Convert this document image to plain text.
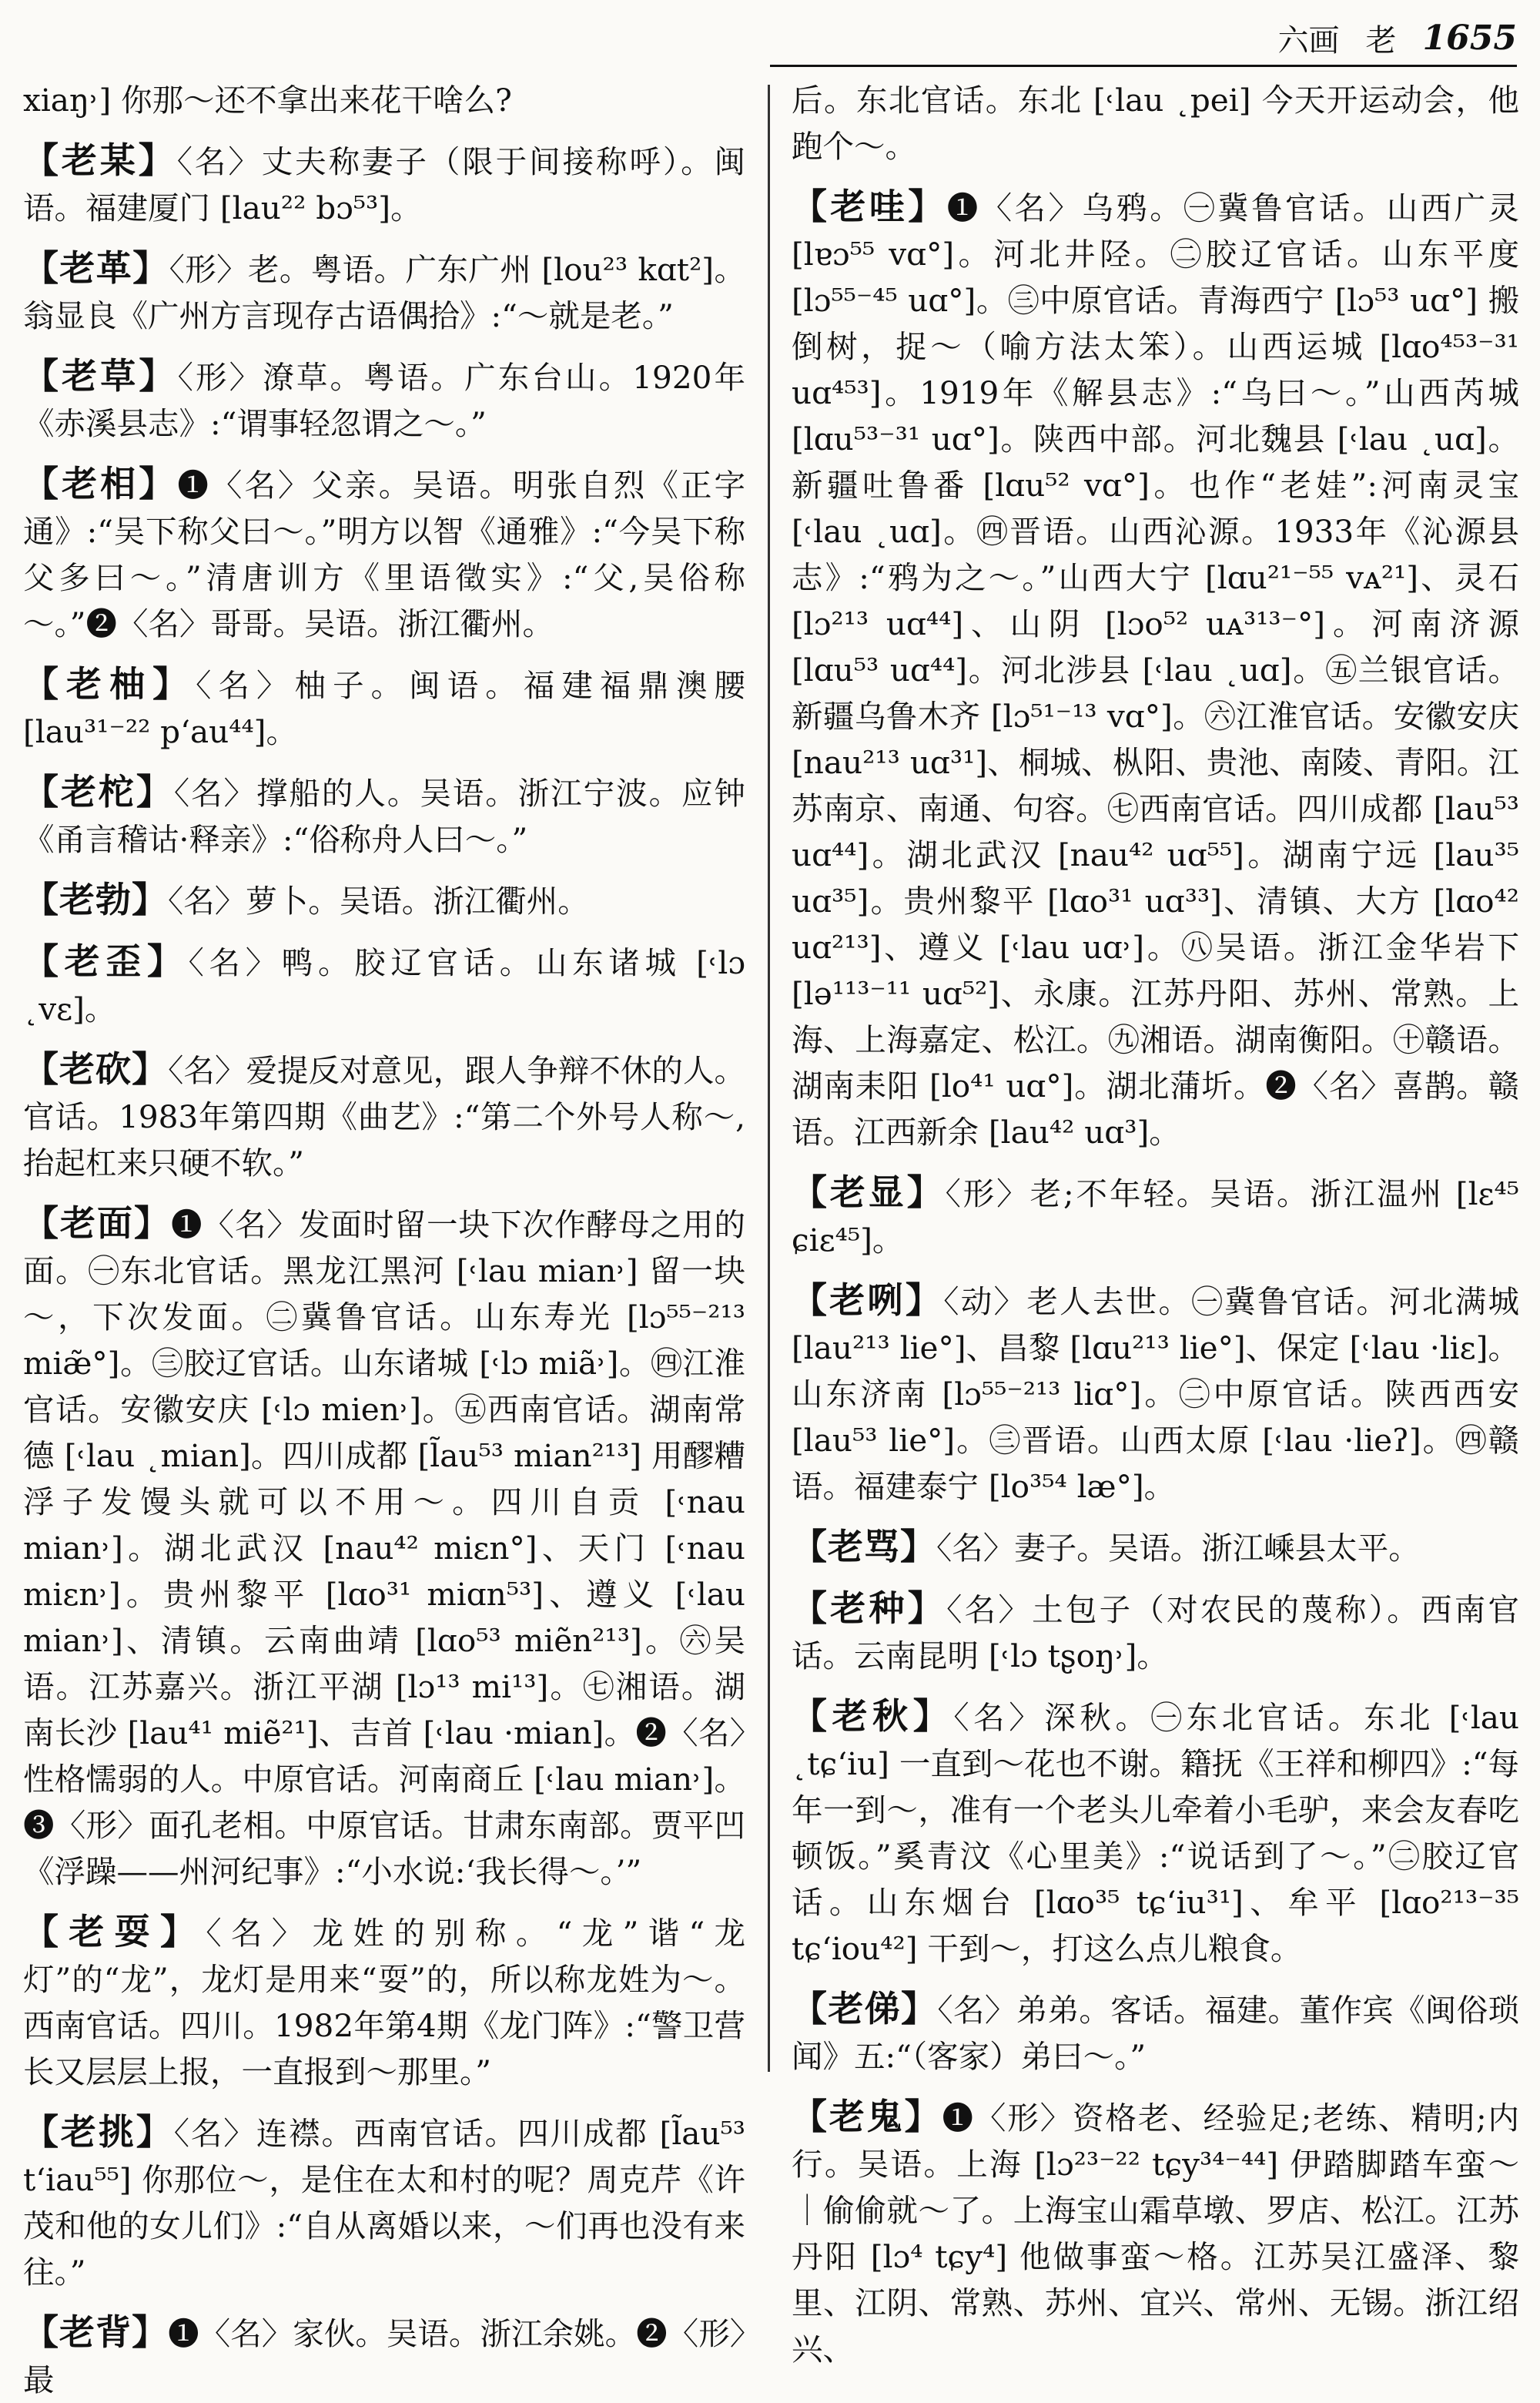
六画 老 1655

xiaŋ˒] 你那～还不拿出来花干啥么?

【老某】〈名〉丈夫称妻子（限于间接称呼）。闽语。福建厦门 [lau²² bɔ⁵³]。

【老革】〈形〉老。粤语。广东广州 [lou²³ kɑt²]。翁显良《广州方言现存古语偶拾》:“～就是老。”

【老草】〈形〉潦草。粤语。广东台山。1920年《赤溪县志》:“谓事轻忽谓之～。”

【老相】❶〈名〉父亲。吴语。明张自烈《正字通》:“吴下称父曰～。”明方以智《通雅》:“今吴下称父多曰～。”清唐训方《里语徵实》:“父,吴俗称～。”❷〈名〉哥哥。吴语。浙江衢州。

【老柚】〈名〉柚子。闽语。福建福鼎澳腰 [lau³¹⁻²² pʻau⁴⁴]。

【老柁】〈名〉撑船的人。吴语。浙江宁波。应钟《甬言稽诂·释亲》:“俗称舟人曰～。”

【老勃】〈名〉萝卜。吴语。浙江衢州。

【老歪】〈名〉鸭。胶辽官话。山东诸城 [˓lɔ ˛vɛ]。

【老砍】〈名〉爱提反对意见，跟人争辩不休的人。官话。1983年第四期《曲艺》:“第二个外号人称～,抬起杠来只硬不软。”

【老面】❶〈名〉发面时留一块下次作酵母之用的面。㊀东北官话。黑龙江黑河 [˓lau mian˒] 留一块～，下次发面。㊁冀鲁官话。山东寿光 [lɔ⁵⁵⁻²¹³ miæ̃°]。㊂胶辽官话。山东诸城 [˓lɔ miã˒]。㊃江淮官话。安徽安庆 [˓lɔ mien˒]。㊄西南官话。湖南常德 [˓lau ˛mian]。四川成都 [l̃au⁵³ mian²¹³] 用醪糟浮子发馒头就可以不用～。四川自贡 [˓nau mian˒]。湖北武汉 [nau⁴² miɛn°]、天门 [˓nau miɛn˒]。贵州黎平 [lɑo³¹ miɑn⁵³]、遵义 [˓lau mian˒]、清镇。云南曲靖 [lɑo⁵³ miẽn²¹³]。㊅吴语。江苏嘉兴。浙江平湖 [lɔ¹³ mi¹³]。㊆湘语。湖南长沙 [lau⁴¹ miẽ²¹]、吉首 [˓lau ·mian]。❷〈名〉性格懦弱的人。中原官话。河南商丘 [˓lau mian˒]。❸〈形〉面孔老相。中原官话。甘肃东南部。贾平凹《浮躁——州河纪事》:“小水说:‘我长得～。’”

【老耍】〈名〉龙姓的别称。“龙”谐“龙灯”的“龙”，龙灯是用来“耍”的，所以称龙姓为～。西南官话。四川。1982年第4期《龙门阵》:“警卫营长又层层上报，一直报到～那里。”

【老挑】〈名〉连襟。西南官话。四川成都 [l̃au⁵³ tʻiau⁵⁵] 你那位～，是住在太和村的呢？周克芹《许茂和他的女儿们》:“自从离婚以来，～们再也没有来往。”

【老背】❶〈名〉家伙。吴语。浙江余姚。❷〈形〉最

后。东北官话。东北 [˓lau ˛pei] 今天开运动会，他跑个～。

【老哇】❶〈名〉乌鸦。㊀冀鲁官话。山西广灵 [lɐɔ⁵⁵ vɑ°]。河北井陉。㊁胶辽官话。山东平度 [lɔ⁵⁵⁻⁴⁵ uɑ°]。㊂中原官话。青海西宁 [lɔ⁵³ uɑ°] 搬倒树，捉～（喻方法太笨）。山西运城 [lɑo⁴⁵³⁻³¹ uɑ⁴⁵³]。1919年《解县志》:“乌曰～。”山西芮城 [lɑu⁵³⁻³¹ uɑ°]。陕西中部。河北魏县 [˓lau ˛uɑ]。新疆吐鲁番 [lɑu⁵² vɑ°]。也作“老娃”:河南灵宝 [˓lau ˛uɑ]。㊃晋语。山西沁源。1933年《沁源县志》:“鸦为之～。”山西大宁 [lɑu²¹⁻⁵⁵ vᴀ²¹]、灵石 [lɔ²¹³ uɑ⁴⁴]、山阴 [lɔo⁵² uᴀ³¹³⁻°]。河南济源 [lɑu⁵³ uɑ⁴⁴]。河北涉县 [˓lau ˛uɑ]。㊄兰银官话。新疆乌鲁木齐 [lɔ⁵¹⁻¹³ vɑ°]。㊅江淮官话。安徽安庆 [nau²¹³ uɑ³¹]、桐城、枞阳、贵池、南陵、青阳。江苏南京、南通、句容。㊆西南官话。四川成都 [lau⁵³ uɑ⁴⁴]。湖北武汉 [nau⁴² uɑ⁵⁵]。湖南宁远 [lau³⁵ uɑ³⁵]。贵州黎平 [lɑo³¹ uɑ³³]、清镇、大方 [lɑo⁴² uɑ²¹³]、遵义 [˓lau uɑ˒]。㊇吴语。浙江金华岩下 [lə¹¹³⁻¹¹ uɑ⁵²]、永康。江苏丹阳、苏州、常熟。上海、上海嘉定、松江。㊈湘语。湖南衡阳。㊉赣语。湖南耒阳 [lo⁴¹ uɑ°]。湖北蒲圻。❷〈名〉喜鹊。赣语。江西新余 [lau⁴² uɑ³]。

【老显】〈形〉老;不年轻。吴语。浙江温州 [lɛ⁴⁵ ɕiɛ⁴⁵]。

【老咧】〈动〉老人去世。㊀冀鲁官话。河北满城 [lau²¹³ lie°]、昌黎 [lɑu²¹³ lie°]、保定 [˓lau ·liɛ]。山东济南 [lɔ⁵⁵⁻²¹³ liɑ°]。㊁中原官话。陕西西安 [lau⁵³ lie°]。㊂晋语。山西太原 [˓lau ·lieʔ]。㊃赣语。福建泰宁 [lo³⁵⁴ læ°]。

【老骂】〈名〉妻子。吴语。浙江嵊县太平。

【老种】〈名〉土包子（对农民的蔑称）。西南官话。云南昆明 [˓lɔ tʂoŋ˒]。

【老秋】〈名〉深秋。㊀东北官话。东北 [˓lau ˛tɕʻiu] 一直到～花也不谢。籍抚《王祥和柳四》:“每年一到～，准有一个老头儿牵着小毛驴，来会友春吃顿饭。”奚青汶《心里美》:“说话到了～。”㊁胶辽官话。山东烟台 [lɑo³⁵ tɕʻiu³¹]、牟平 [lɑo²¹³⁻³⁵ tɕʻiou⁴²] 干到～，打这么点儿粮食。

【老俤】〈名〉弟弟。客话。福建。董作宾《闽俗琐闻》五:“（客家）弟曰～。”

【老鬼】❶〈形〉资格老、经验足;老练、精明;内行。吴语。上海 [lɔ²³⁻²² tɕy³⁴⁻⁴⁴] 伊踏脚踏车蛮～｜偷偷就～了。上海宝山霜草墩、罗店、松江。江苏丹阳 [lɔ⁴ tɕy⁴] 他做事蛮～格。江苏吴江盛泽、黎里、江阴、常熟、苏州、宜兴、常州、无锡。浙江绍兴、
